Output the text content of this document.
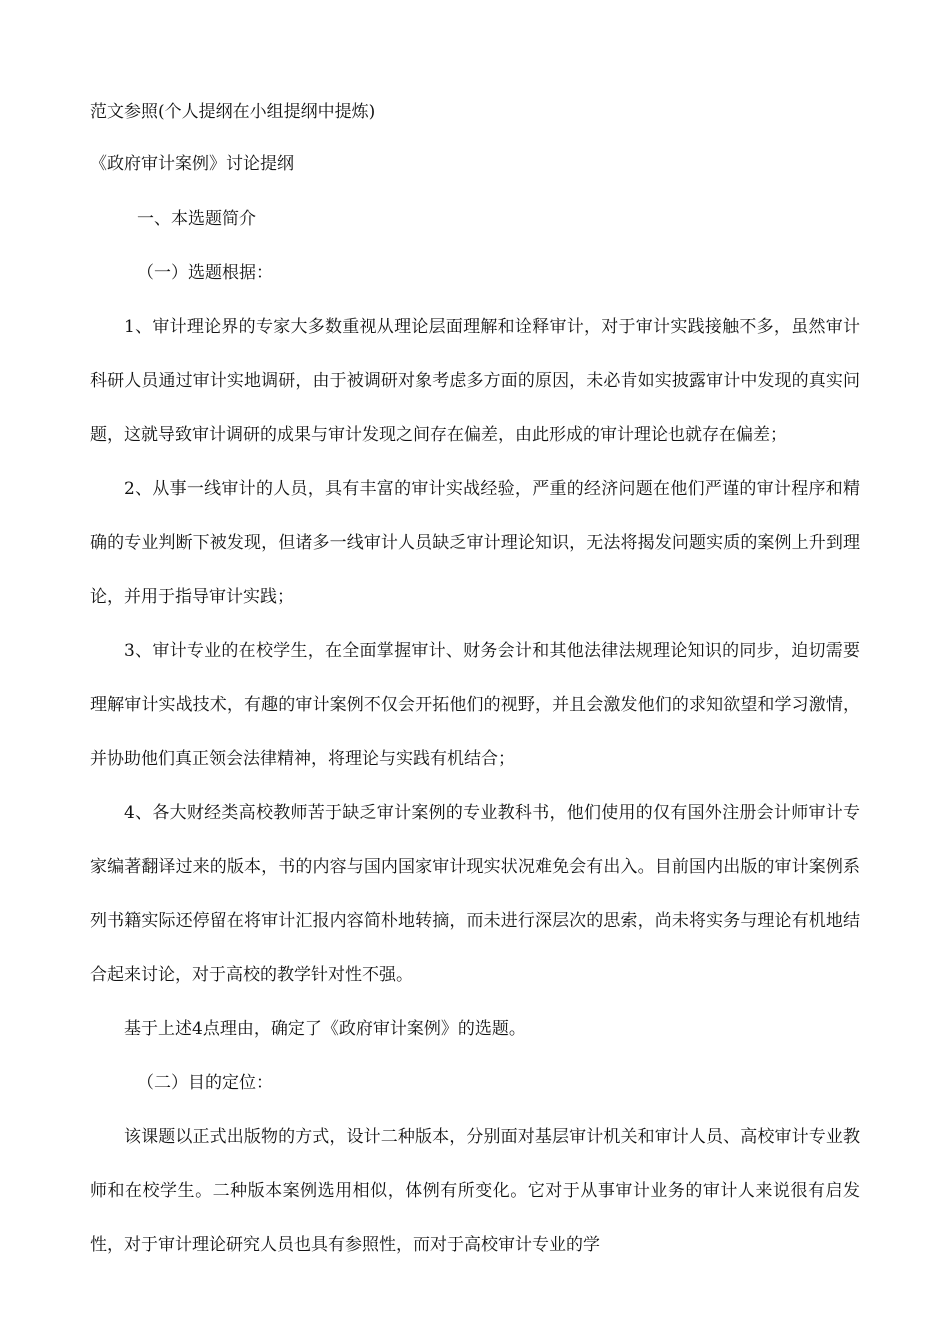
范文参照(个人提纲在小组提纲中提炼)
《政府审计案例》讨论提纲

一、本选题简介

（一）选题根据：

1、审计理论界的专家大多数重视从理论层面理解和诠释审计，对于审计实践接触不多，虽然审计科研人员通过审计实地调研，由于被调研对象考虑多方面的原因，未必肯如实披露审计中发现的真实问题，这就导致审计调研的成果与审计发现之间存在偏差，由此形成的审计理论也就存在偏差；

2、从事一线审计的人员，具有丰富的审计实战经验，严重的经济问题在他们严谨的审计程序和精确的专业判断下被发现，但诸多一线审计人员缺乏审计理论知识，无法将揭发问题实质的案例上升到理论，并用于指导审计实践；

3、审计专业的在校学生，在全面掌握审计、财务会计和其他法律法规理论知识的同步，迫切需要理解审计实战技术，有趣的审计案例不仅会开拓他们的视野，并且会激发他们的求知欲望和学习激情，并协助他们真正领会法律精神，将理论与实践有机结合；

4、各大财经类高校教师苦于缺乏审计案例的专业教科书，他们使用的仅有国外注册会计师审计专家编著翻译过来的版本，书的内容与国内国家审计现实状况难免会有出入。目前国内出版的审计案例系列书籍实际还停留在将审计汇报内容简朴地转摘，而未进行深层次的思索，尚未将实务与理论有机地结合起来讨论，对于高校的教学针对性不强。

基于上述4点理由，确定了《政府审计案例》的选题。

（二）目的定位：

该课题以正式出版物的方式，设计二种版本，分别面对基层审计机关和审计人员、高校审计专业教师和在校学生。二种版本案例选用相似，体例有所变化。它对于从事审计业务的审计人来说很有启发性，对于审计理论研究人员也具有参照性，而对于高校审计专业的学
